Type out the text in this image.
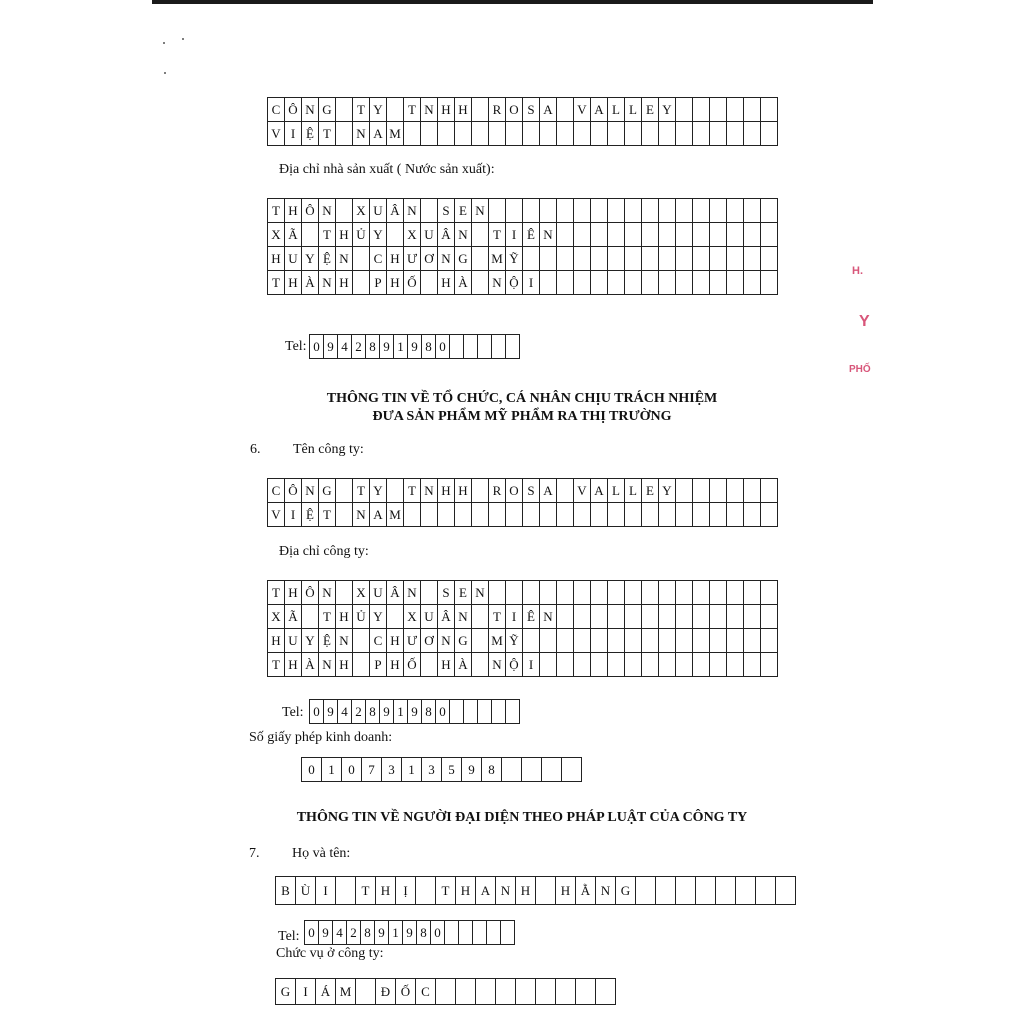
C Ô N G	T Y	T N H H	R O S A	V A L L E Y
V I Ệ T	N A M
Địa chỉ nhà sản xuất ( Nước sản xuất):
T H Ô N	X U Â N	S E N
X Ã	T H Ủ Y	X U Â N	T I Ê N
H U Y Ệ N	C H Ư Ơ N G	M Ỹ
T H À N H	P H Ố	H À	N Ộ I
Tel: 0 9 4 2 8 9 1 9 8 0
THÔNG TIN VỀ TỔ CHỨC, CÁ NHÂN CHỊU TRÁCH NHIỆM
ĐƯA SẢN PHẨM MỸ PHẨM RA THỊ TRƯỜNG
6. Tên công ty:
C Ô N G	T Y	T N H H	R O S A	V A L L E Y
V I Ệ T	N A M
Địa chỉ công ty:
T H Ô N	X U Â N	S E N
X Ã	T H Ủ Y	X U Â N	T I Ê N
H U Y Ệ N	C H Ư Ơ N G	M Ỹ
T H À N H	P H Ố	H À	N Ộ I
Tel: 0 9 4 2 8 9 1 9 8 0
Số giấy phép kinh doanh:
0	1	0	7	3	1	3	5	9	8
THÔNG TIN VỀ NGƯỜI ĐẠI DIỆN THEO PHÁP LUẬT CỦA CÔNG TY
7. Họ và tên:
B Ù	I	T H	Ị	T H A N H	H Ằ N G
Tel: 0 9 4 2 8 9 1 9 8 0
Chức vụ ở công ty:
G	I	Á M	Đ Ố C
H.
Y
PHỐ
